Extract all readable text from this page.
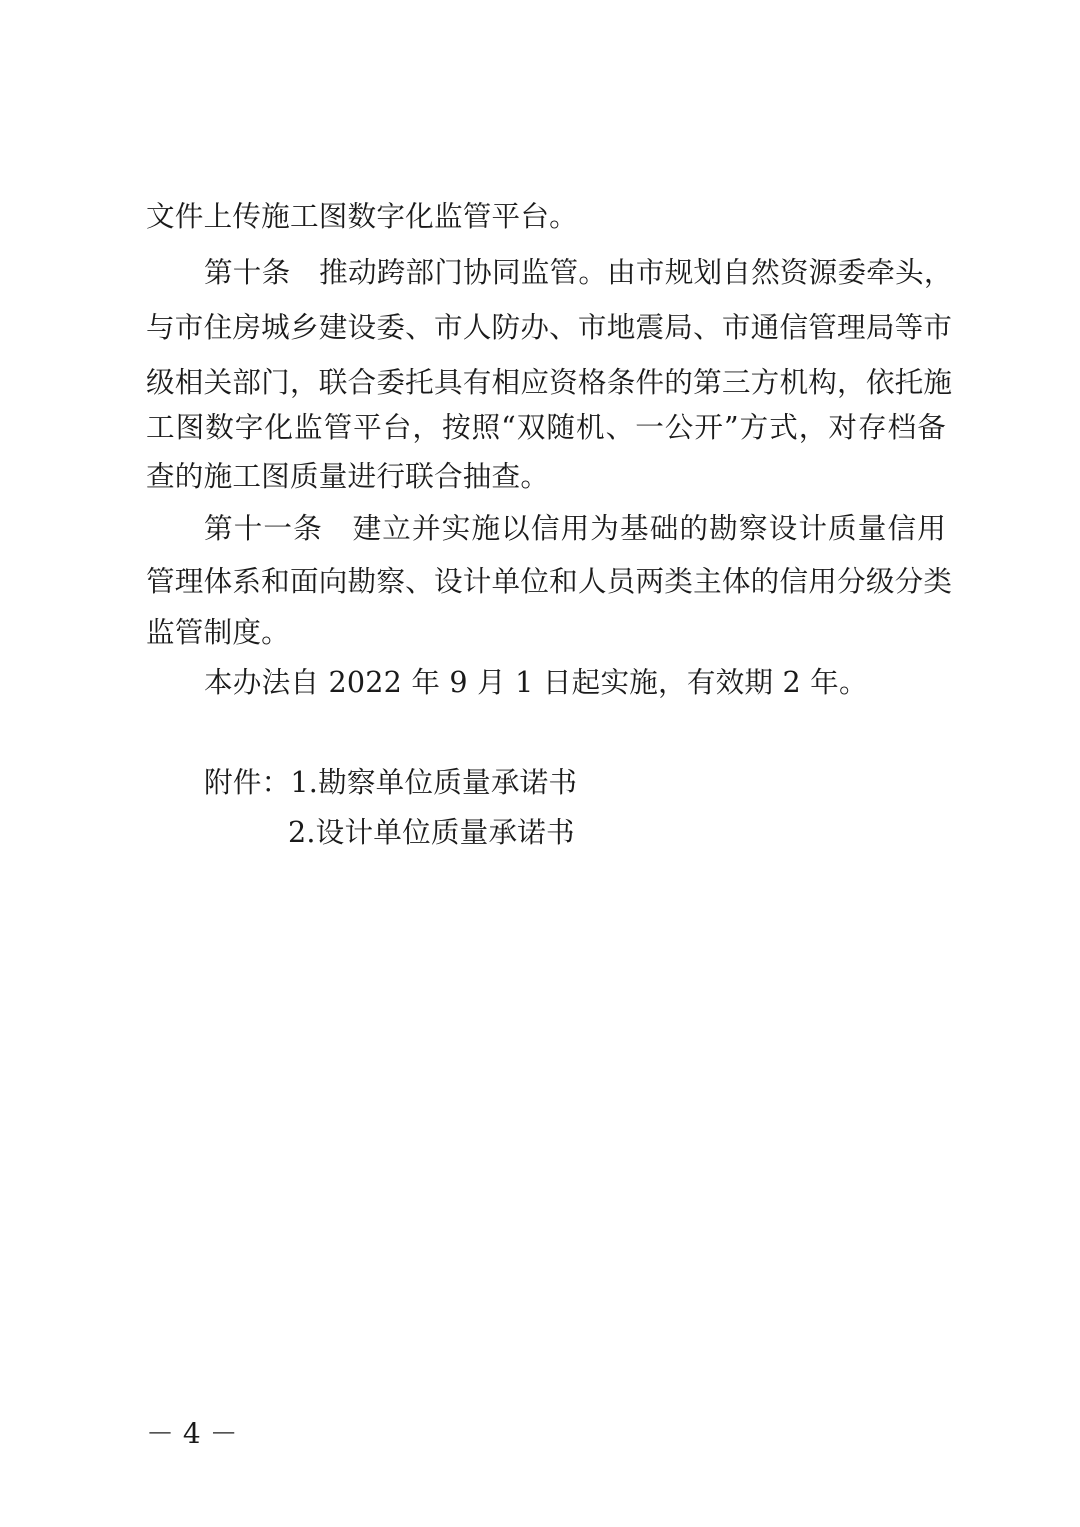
文件上传施工图数字化监管平台。
第十条　推动跨部门协同监管。由市规划自然资源委牵头，
与市住房城乡建设委、市人防办、市地震局、市通信管理局等市
级相关部门，联合委托具有相应资格条件的第三方机构，依托施
工图数字化监管平台，按照“双随机、一公开”方式，对存档备
查的施工图质量进行联合抽查。
第十一条　建立并实施以信用为基础的勘察设计质量信用
管理体系和面向勘察、设计单位和人员两类主体的信用分级分类
监管制度。
本办法自 2022 年 9 月 1 日起实施，有效期 2 年。
附件：1.勘察单位质量承诺书
2.设计单位质量承诺书
－ 4 －
